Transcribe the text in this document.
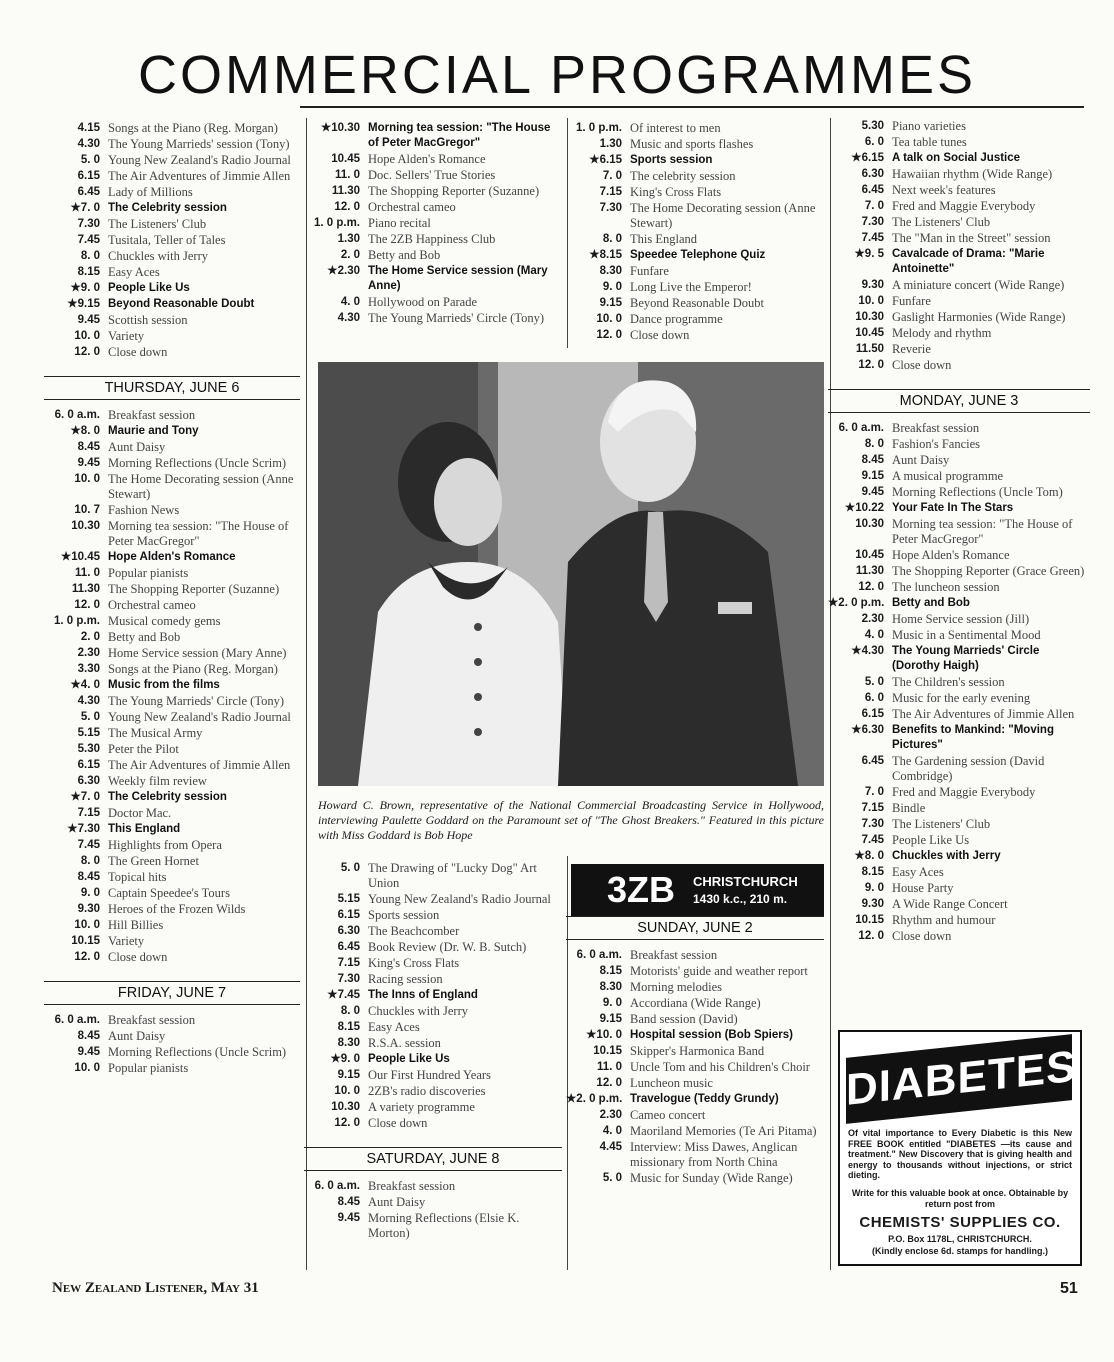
COMMERCIAL PROGRAMMES
4.15 Songs at the Piano (Reg. Morgan)
4.30 The Young Marrieds' session (Tony)
5. 0 Young New Zealand's Radio Journal
6.15 The Air Adventures of Jimmie Allen
6.45 Lady of Millions
★7. 0 The Celebrity session
7.30 The Listeners' Club
7.45 Tusitala, Teller of Tales
8. 0 Chuckles with Jerry
8.15 Easy Aces
★9. 0 People Like Us
★9.15 Beyond Reasonable Doubt
9.45 Scottish session
10. 0 Variety
12. 0 Close down
THURSDAY, JUNE 6
6. 0 a.m. Breakfast session
★8. 0 Maurie and Tony
8.45 Aunt Daisy
9.45 Morning Reflections (Uncle Scrim)
10. 0 The Home Decorating session (Anne Stewart)
10. 7 Fashion News
10.30 Morning tea session: "The House of Peter MacGregor"
★10.45 Hope Alden's Romance
11. 0 Popular pianists
11.30 The Shopping Reporter (Suzanne)
12. 0 Orchestral cameo
1. 0 p.m. Musical comedy gems
2. 0 Betty and Bob
2.30 Home Service session (Mary Anne)
3.30 Songs at the Piano (Reg. Morgan)
★4. 0 Music from the films
4.30 The Young Marrieds' Circle (Tony)
5. 0 Young New Zealand's Radio Journal
5.15 The Musical Army
5.30 Peter the Pilot
6.15 The Air Adventures of Jimmie Allen
6.30 Weekly film review
★7. 0 The Celebrity session
7.15 Doctor Mac.
★7.30 This England
7.45 Highlights from Opera
8. 0 The Green Hornet
8.45 Topical hits
9. 0 Captain Speedee's Tours
9.30 Heroes of the Frozen Wilds
10. 0 Hill Billies
10.15 Variety
12. 0 Close down
FRIDAY, JUNE 7
6. 0 a.m. Breakfast session
8.45 Aunt Daisy
9.45 Morning Reflections (Uncle Scrim)
10. 0 Popular pianists
★10.30 Morning tea session: "The House of Peter MacGregor"
10.45 Hope Alden's Romance
11. 0 Doc. Sellers' True Stories
11.30 The Shopping Reporter (Suzanne)
12. 0 Orchestral cameo
1. 0 p.m. Piano recital
1.30 The 2ZB Happiness Club
2. 0 Betty and Bob
★2.30 The Home Service session (Mary Anne)
4. 0 Hollywood on Parade
4.30 The Young Marrieds' Circle (Tony)
1. 0 p.m. Of interest to men
1.30 Music and sports flashes
★6.15 Sports session
7. 0 The celebrity session
7.15 King's Cross Flats
7.30 The Home Decorating session (Anne Stewart)
8. 0 This England
★8.15 Speedee Telephone Quiz
8.30 Funfare
9. 0 Long Live the Emperor!
9.15 Beyond Reasonable Doubt
10. 0 Dance programme
12. 0 Close down
Howard C. Brown, representative of the National Commercial Broadcasting Service in Hollywood, interviewing Paulette Goddard on the Paramount set of "The Ghost Breakers." Featured in this picture with Miss Goddard is Bob Hope
5. 0 The Drawing of "Lucky Dog" Art Union
5.15 Young New Zealand's Radio Journal
6.15 Sports session
6.30 The Beachcomber
6.45 Book Review (Dr. W. B. Sutch)
7.15 King's Cross Flats
7.30 Racing session
★7.45 The Inns of England
8. 0 Chuckles with Jerry
8.15 Easy Aces
8.30 R.S.A. session
★9. 0 People Like Us
9.15 Our First Hundred Years
10. 0 2ZB's radio discoveries
10.30 A variety programme
12. 0 Close down
SATURDAY, JUNE 8
6. 0 a.m. Breakfast session
8.45 Aunt Daisy
9.45 Morning Reflections (Elsie K. Morton)
3ZB CHRISTCHURCH
1430 k.c., 210 m.
SUNDAY, JUNE 2
6. 0 a.m. Breakfast session
8.15 Motorists' guide and weather report
8.30 Morning melodies
9. 0 Accordiana (Wide Range)
9.15 Band session (David)
★10. 0 Hospital session (Bob Spiers)
10.15 Skipper's Harmonica Band
11. 0 Uncle Tom and his Children's Choir
12. 0 Luncheon music
★2. 0 p.m. Travelogue (Teddy Grundy)
2.30 Cameo concert
4. 0 Maoriland Memories (Te Ari Pitama)
4.45 Interview: Miss Dawes, Anglican missionary from North China
5. 0 Music for Sunday (Wide Range)
5.30 Piano varieties
6. 0 Tea table tunes
★6.15 A talk on Social Justice
6.30 Hawaiian rhythm (Wide Range)
6.45 Next week's features
7. 0 Fred and Maggie Everybody
7.30 The Listeners' Club
7.45 The "Man in the Street" session
★9. 5 Cavalcade of Drama: "Marie Antoinette"
9.30 A miniature concert (Wide Range)
10. 0 Funfare
10.30 Gaslight Harmonies (Wide Range)
10.45 Melody and rhythm
11.50 Reverie
12. 0 Close down
MONDAY, JUNE 3
6. 0 a.m. Breakfast session
8. 0 Fashion's Fancies
8.45 Aunt Daisy
9.15 A musical programme
9.45 Morning Reflections (Uncle Tom)
★10.22 Your Fate In The Stars
10.30 Morning tea session: "The House of Peter MacGregor"
10.45 Hope Alden's Romance
11.30 The Shopping Reporter (Grace Green)
12. 0 The luncheon session
★2. 0 p.m. Betty and Bob
2.30 Home Service session (Jill)
4. 0 Music in a Sentimental Mood
★4.30 The Young Marrieds' Circle (Dorothy Haigh)
5. 0 The Children's session
6. 0 Music for the early evening
6.15 The Air Adventures of Jimmie Allen
★6.30 Benefits to Mankind: "Moving Pictures"
6.45 The Gardening session (David Combridge)
7. 0 Fred and Maggie Everybody
7.15 Bindle
7.30 The Listeners' Club
7.45 People Like Us
★8. 0 Chuckles with Jerry
8.15 Easy Aces
9. 0 House Party
9.30 A Wide Range Concert
10.15 Rhythm and humour
12. 0 Close down
DIABETES
Of vital importance to Every Diabetic is this New FREE BOOK entitled "DIABETES —its cause and treatment." New Discovery that is giving health and energy to thousands without injections, or strict dieting.
Write for this valuable book at once. Obtainable by return post from
CHEMISTS' SUPPLIES CO.
P.O. Box 1178L, CHRISTCHURCH.
(Kindly enclose 6d. stamps for handling.)
New Zealand Listener, May 31	51
